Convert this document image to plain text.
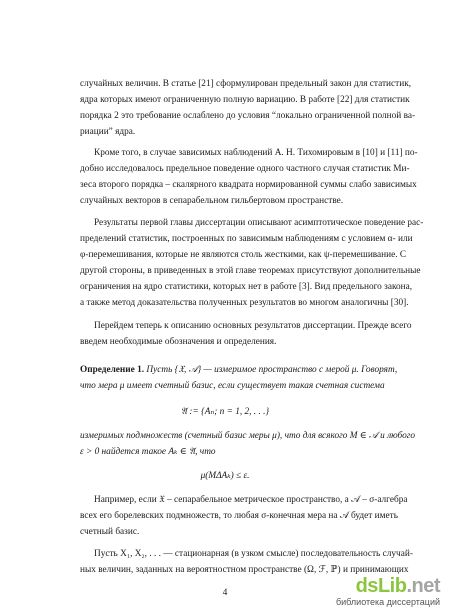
случайных величин. В статье [21] сформулирован предельный закон для статистик,
ядра которых имеют ограниченную полную вариацию. В работе [22] для статистик
порядка 2 это требование ослаблено до условия “локально ограниченной полной ва-
риации” ядра.
Кроме того, в случае зависимых наблюдений А. Н. Тихомировым в [10] и [11] по-
добно исследовалось предельное поведение одного частного случая статистик Ми-
зеса второго порядка – скалярного квадрата нормированной суммы слабо зависимых
случайных векторов в сепарабельном гильбертовом пространстве.
Результаты первой главы диссертации описывают асимптотическое поведение рас-
пределений статистик, построенных по зависимым наблюдениям с условием α- или
φ-перемешивания, которые не являются столь жесткими, как ψ-перемешивание. С
другой стороны, в приведенных в этой главе теоремах присутствуют дополнительные
ограничения на ядро статистики, которых нет в работе [3]. Вид предельного закона,
а также метод доказательства полученных результатов во многом аналогичны [30].
Перейдем теперь к описанию основных результатов диссертации. Прежде всего
введем необходимые обозначения и определения.
Определение 1. Пусть {𝔛, 𝒜} — измеримое пространство с мерой μ. Говорят,
что мера μ имеет счетный базис, если существует такая счетная система
𝔄 := {Aₙ; n = 1, 2, . . .}
измеримых подмножеств (счетный базис меры μ), что для всякого M ∈ 𝒜 и любого
ε > 0 найдется такое Aₖ ∈ 𝔄, что
μ(MΔAₖ) ≤ ε.
Например, если 𝔛 – сепарабельное метрическое пространство, а 𝒜 – σ-алгебра
всех его борелевских подмножеств, то любая σ-конечная мера на 𝒜 будет иметь
счетный базис.
Пусть X₁, X₂, . . . — стационарная (в узком смысле) последовательность случай-
ных величин, заданных на вероятностном пространстве (Ω, ℱ, ℙ) и принимающих
4	dsLib.net
библиотека диссертаций
